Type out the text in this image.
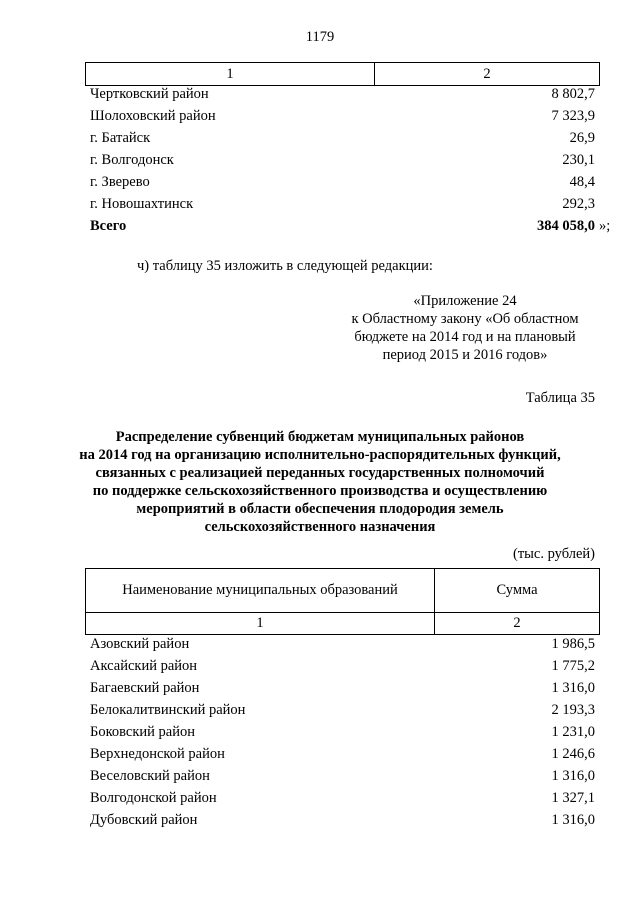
1179
1	2
Чертковский район	8 802,7
Шолоховский район	7 323,9
г. Батайск	26,9
г. Волгодонск	230,1
г. Зверево	48,4
г. Новошахтинск	292,3
Всего	384 058,0 »;
ч) таблицу 35 изложить в следующей редакции:
«Приложение 24
к Областному закону «Об областном
бюджете на 2014 год и на плановый
период 2015 и 2016 годов»
Таблица 35
Распределение субвенций бюджетам муниципальных районов
на 2014 год на организацию исполнительно-распорядительных функций,
связанных с реализацией переданных государственных полномочий
по поддержке сельскохозяйственного производства и осуществлению
мероприятий в области обеспечения плодородия земель
сельскохозяйственного назначения
(тыс. рублей)
Наименование муниципальных образований	Сумма
1	2
Азовский район	1 986,5
Аксайский район	1 775,2
Багаевский район	1 316,0
Белокалитвинский район	2 193,3
Боковский район	1 231,0
Верхнедонской район	1 246,6
Веселовский район	1 316,0
Волгодонской район	1 327,1
Дубовский район	1 316,0
